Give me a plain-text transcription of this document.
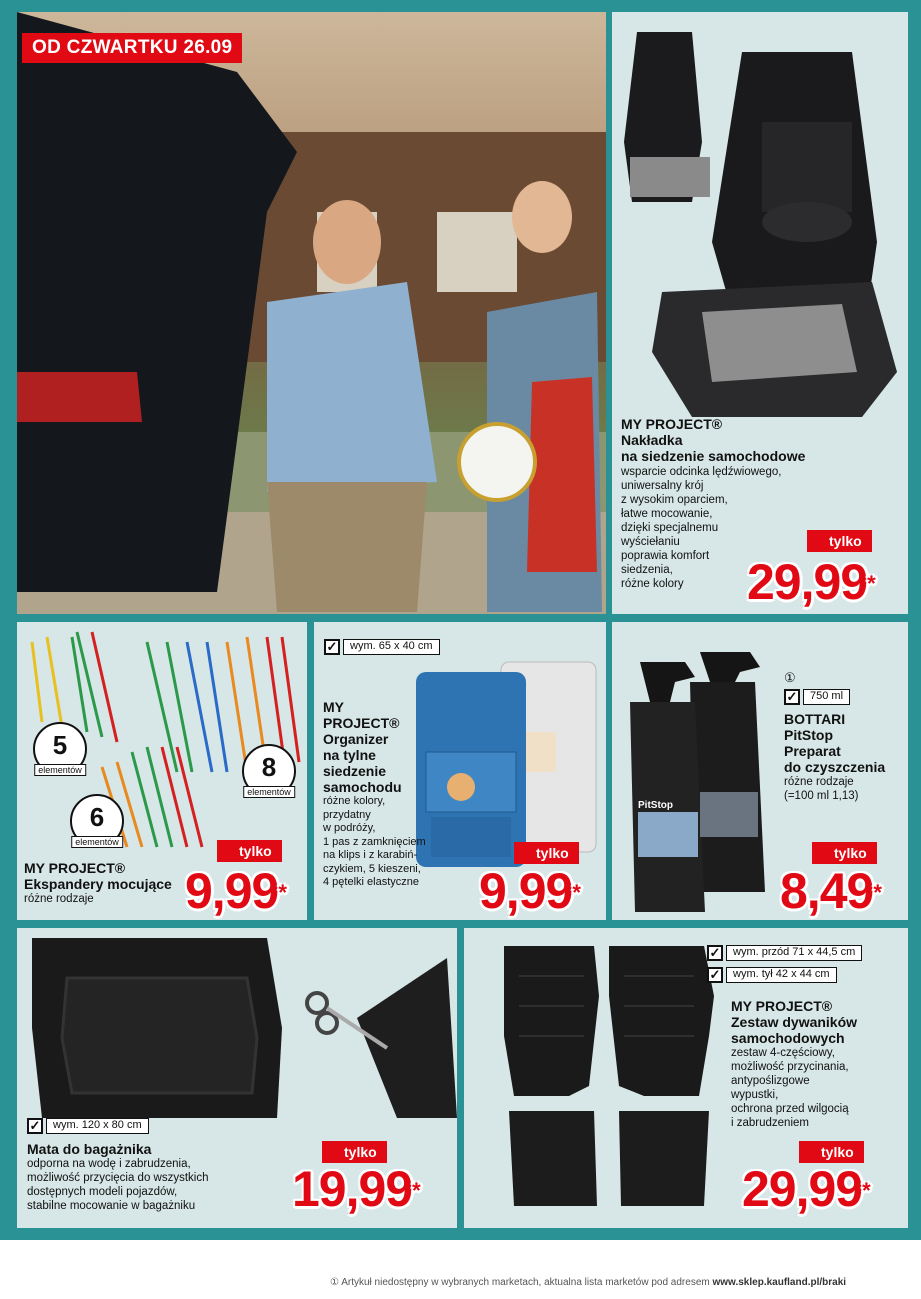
OD CZWARTKU 26.09
MY PROJECT®
Nakładka
na siedzenie samochodowe
wsparcie odcinka lędźwiowego,
uniwersalny krój
z wysokim oparciem,
łatwe mocowanie,
dzięki specjalnemu
wyściełaniu
poprawia komfort
siedzenia,
różne kolory
tylko
29,99*
5
elementów
6
elementów
8
elementów
MY PROJECT®
Ekspandery mocujące
różne rodzaje
tylko
9,99*
✓	wym. 65 x 40 cm
MY
PROJECT®
Organizer
na tylne
siedzenie
samochodu
różne kolory,
przydatny
w podróży,
1 pas z zamknięciem
na klips i z karabiń-
czykiem, 5 kieszeni,
4 pętelki elastyczne
tylko
9,99*
PitStop
①
✓	750 ml
BOTTARI
PitStop
Preparat
do czyszczenia
różne rodzaje
(=100 ml 1,13)
tylko
8,49*
✓	wym. 120 x 80 cm
Mata do bagażnika
odporna na wodę i zabrudzenia,
możliwość przycięcia do wszystkich
dostępnych modeli pojazdów,
stabilne mocowanie w bagażniku
tylko
19,99*
✓	wym. przód 71 x 44,5 cm
✓	wym. tył 42 x 44 cm
MY PROJECT®
Zestaw dywaników
samochodowych
zestaw 4-częściowy,
możliwość przycinania,
antypoślizgowe
wypustki,
ochrona przed wilgocią
i zabrudzeniem
tylko
29,99*
① Artykuł niedostępny w wybranych marketach, aktualna lista marketów pod adresem www.sklep.kaufland.pl/braki
